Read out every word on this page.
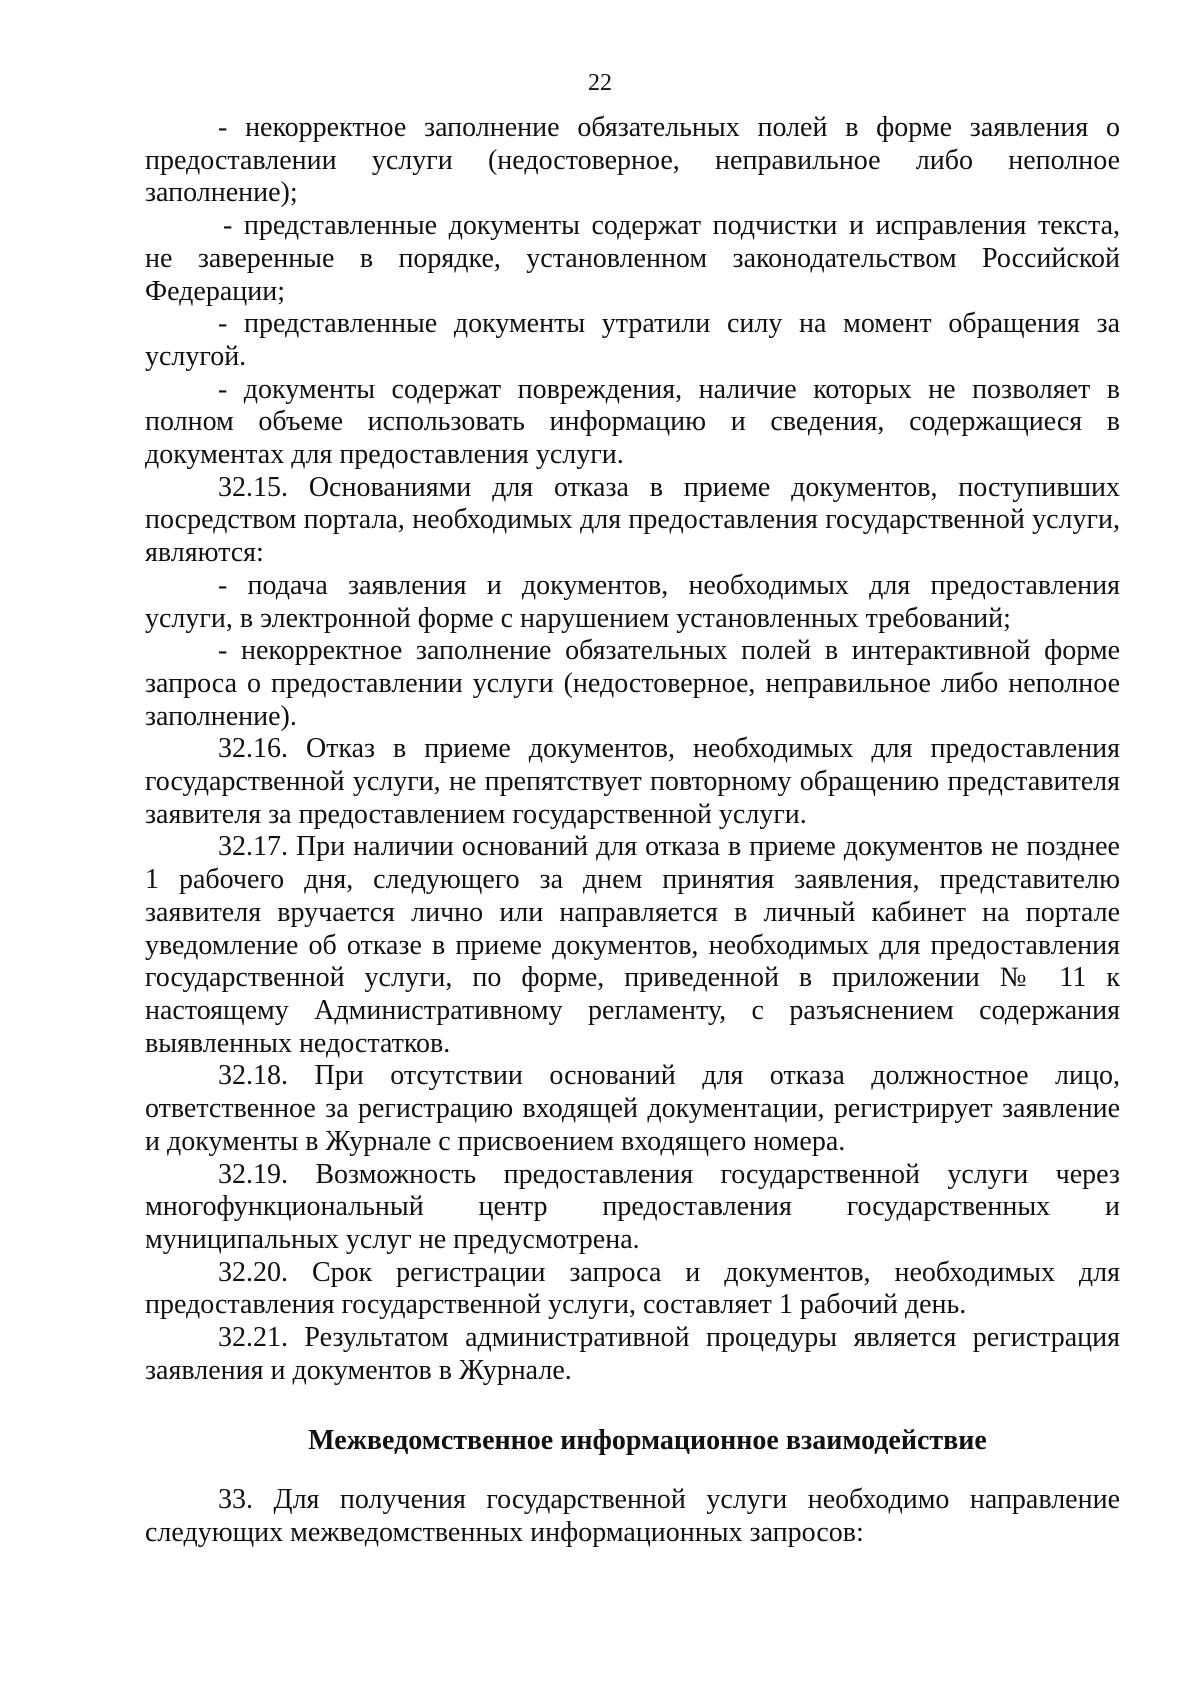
22

- некорректное заполнение обязательных полей в форме заявления о предоставлении услуги (недостоверное, неправильное либо неполное заполнение);

- представленные документы содержат подчистки и исправления текста, не заверенные в порядке, установленном законодательством Российской Федерации;

- представленные документы утратили силу на момент обращения за услугой.

- документы содержат повреждения, наличие которых не позволяет в полном объеме использовать информацию и сведения, содержащиеся в документах для предоставления услуги.

32.15. Основаниями для отказа в приеме документов, поступивших посредством портала, необходимых для предоставления государственной услуги, являются:

- подача заявления и документов, необходимых для предоставления услуги, в электронной форме с нарушением установленных требований;

- некорректное заполнение обязательных полей в интерактивной форме запроса о предоставлении услуги (недостоверное, неправильное либо неполное заполнение).

32.16. Отказ в приеме документов, необходимых для предоставления государственной услуги, не препятствует повторному обращению представителя заявителя за предоставлением государственной услуги.

32.17. При наличии оснований для отказа в приеме документов не позднее 1 рабочего дня, следующего за днем принятия заявления, представителю заявителя вручается лично или направляется в личный кабинет на портале уведомление об отказе в приеме документов, необходимых для предоставления государственной услуги, по форме, приведенной в приложении № 11 к настоящему Административному регламенту, с разъяснением содержания выявленных недостатков.

32.18. При отсутствии оснований для отказа должностное лицо, ответственное за регистрацию входящей документации, регистрирует заявление и документы в Журнале с присвоением входящего номера.

32.19. Возможность предоставления государственной услуги через многофункциональный центр предоставления государственных и муниципальных услуг не предусмотрена.

32.20. Срок регистрации запроса и документов, необходимых для предоставления государственной услуги, составляет 1 рабочий день.

32.21. Результатом административной процедуры является регистрация заявления и документов в Журнале.

Межведомственное информационное взаимодействие

33. Для получения государственной услуги необходимо направление следующих межведомственных информационных запросов:
